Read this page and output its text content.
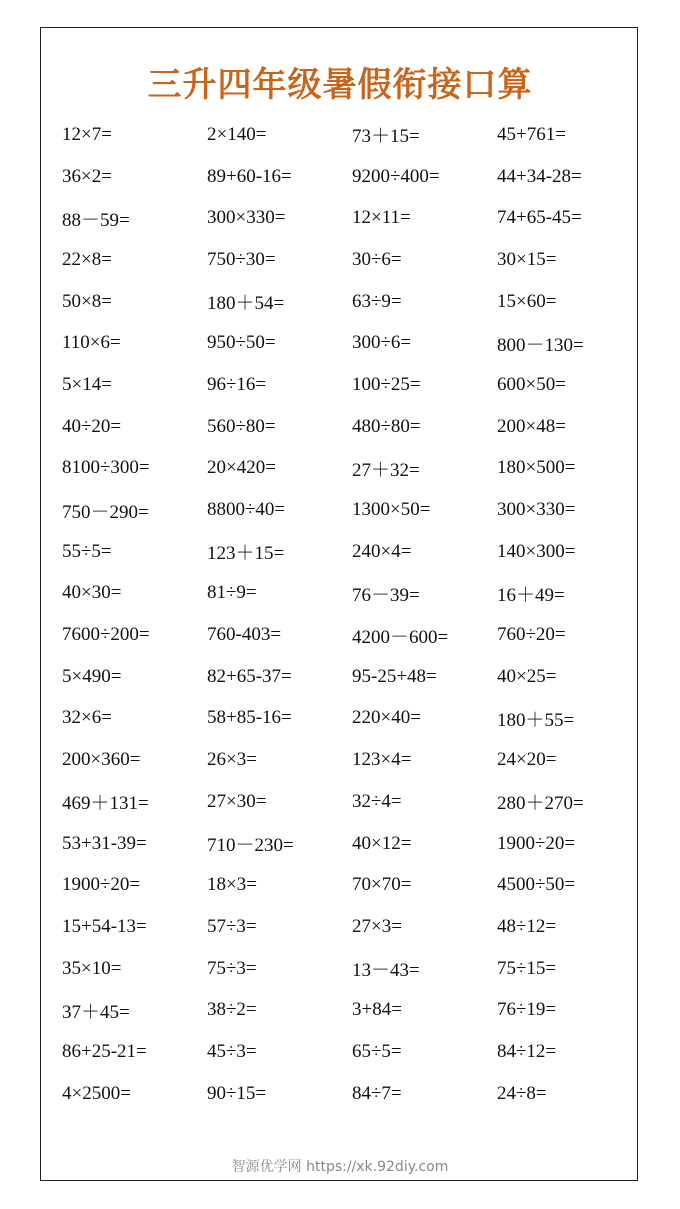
三升四年级暑假衔接口算
12×7=	2×140=	73＋15=	45+761=
36×2=	89+60-16=	9200÷400=	44+34-28=
88－59=	300×330=	12×11=	74+65-45=
22×8=	750÷30=	30÷6=	30×15=
50×8=	180＋54=	63÷9=	15×60=
110×6=	950÷50=	300÷6=	800－130=
5×14=	96÷16=	100÷25=	600×50=
40÷20=	560÷80=	480÷80=	200×48=
8100÷300=	20×420=	27＋32=	180×500=
750－290=	8800÷40=	1300×50=	300×330=
55÷5=	123＋15=	240×4=	140×300=
40×30=	81÷9=	76－39=	16＋49=
7600÷200=	760-403=	4200－600=	760÷20=
5×490=	82+65-37=	95-25+48=	40×25=
32×6=	58+85-16=	220×40=	180＋55=
200×360=	26×3=	123×4=	24×20=
469＋131=	27×30=	32÷4=	280＋270=
53+31-39=	710－230=	40×12=	1900÷20=
1900÷20=	18×3=	70×70=	4500÷50=
15+54-13=	57÷3=	27×3=	48÷12=
35×10=	75÷3=	13－43=	75÷15=
37＋45=	38÷2=	3+84=	76÷19=
86+25-21=	45÷3=	65÷5=	84÷12=
4×2500=	90÷15=	84÷7=	24÷8=
智源优学网 https://xk.92diy.com
